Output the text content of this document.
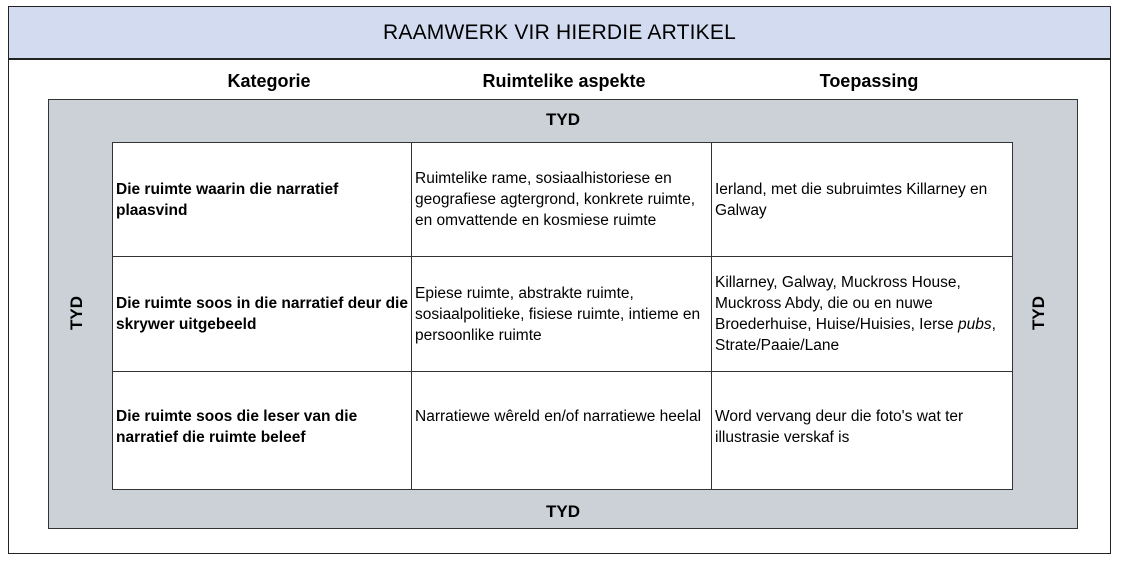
RAAMWERK VIR HIERDIE ARTIKEL
Kategorie	Ruimtelike aspekte	Toepassing
TYD
TYD	TYD
TYD
Die ruimte waarin die narratief plaasvind	Ruimtelike rame, sosiaalhistoriese en geografiese agtergrond, konkrete ruimte, en omvattende en kosmiese ruimte	Ierland, met die subruimtes Killarney en Galway
Die ruimte soos in die narratief deur die skrywer uitgebeeld	Epiese ruimte, abstrakte ruimte, sosiaalpolitieke, fisiese ruimte, intieme en persoonlike ruimte	Killarney, Galway, Muckross House, Muckross Abdy, die ou en nuwe Broederhuise, Huise/Huisies, Ierse pubs, Strate/Paaie/Lane
Die ruimte soos die leser van die narratief die ruimte beleef	Narratiewe wêreld en/of narratiewe heelal	Word vervang deur die foto's wat ter illustrasie verskaf is
